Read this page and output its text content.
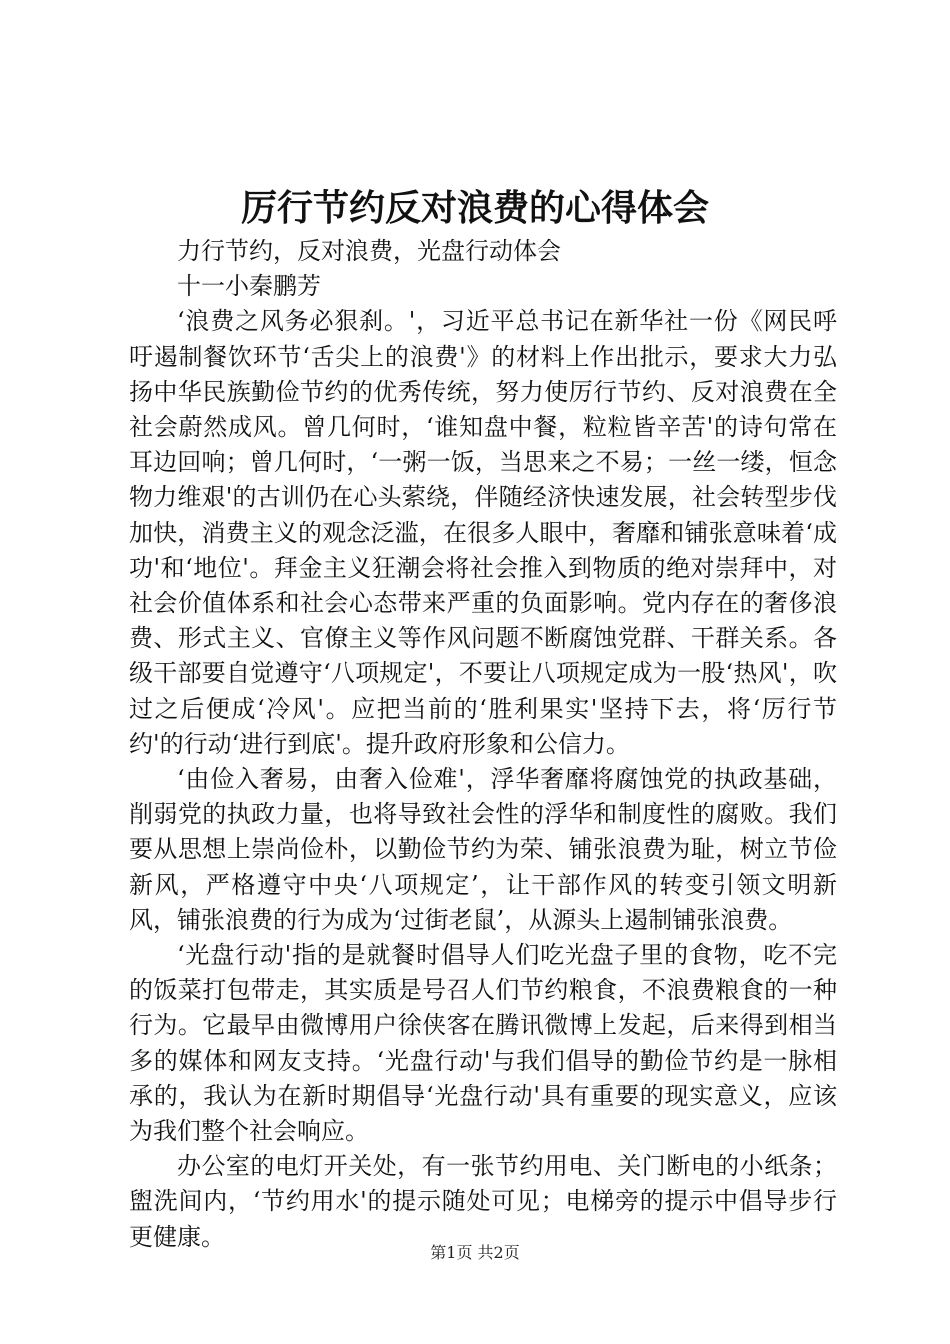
厉行节约反对浪费的心得体会

力行节约，反对浪费，光盘行动体会

十一小秦鹏芳

‘浪费之风务必狠刹。'，习近平总书记在新华社一份《网民呼吁遏制餐饮环节‘舌尖上的浪费'》的材料上作出批示，要求大力弘扬中华民族勤俭节约的优秀传统，努力使厉行节约、反对浪费在全社会蔚然成风。曾几何时，‘谁知盘中餐，粒粒皆辛苦'的诗句常在耳边回响；曾几何时，‘一粥一饭，当思来之不易；一丝一缕，恒念物力维艰'的古训仍在心头萦绕，伴随经济快速发展，社会转型步伐加快，消费主义的观念泛滥，在很多人眼中，奢靡和铺张意味着‘成功'和‘地位'。拜金主义狂潮会将社会推入到物质的绝对崇拜中，对社会价值体系和社会心态带来严重的负面影响。党内存在的奢侈浪费、形式主义、官僚主义等作风问题不断腐蚀党群、干群关系。各级干部要自觉遵守‘八项规定'，不要让八项规定成为一股‘热风'，吹过之后便成‘冷风'。应把当前的‘胜利果实'坚持下去，将‘厉行节约'的行动‘进行到底'。提升政府形象和公信力。

‘由俭入奢易，由奢入俭难'，浮华奢靡将腐蚀党的执政基础，削弱党的执政力量，也将导致社会性的浮华和制度性的腐败。我们要从思想上崇尚俭朴，以勤俭节约为荣、铺张浪费为耻，树立节俭新风，严格遵守中央‘八项规定’，让干部作风的转变引领文明新风，铺张浪费的行为成为‘过街老鼠’，从源头上遏制铺张浪费。

‘光盘行动'指的是就餐时倡导人们吃光盘子里的食物，吃不完的饭菜打包带走，其实质是号召人们节约粮食，不浪费粮食的一种行为。它最早由微博用户徐侠客在腾讯微博上发起，后来得到相当多的媒体和网友支持。‘光盘行动'与我们倡导的勤俭节约是一脉相承的，我认为在新时期倡导‘光盘行动'具有重要的现实意义，应该为我们整个社会响应。

办公室的电灯开关处，有一张节约用电、关门断电的小纸条；盥洗间内，‘节约用水'的提示随处可见；电梯旁的提示中倡导步行更健康。

第1页 共2页
